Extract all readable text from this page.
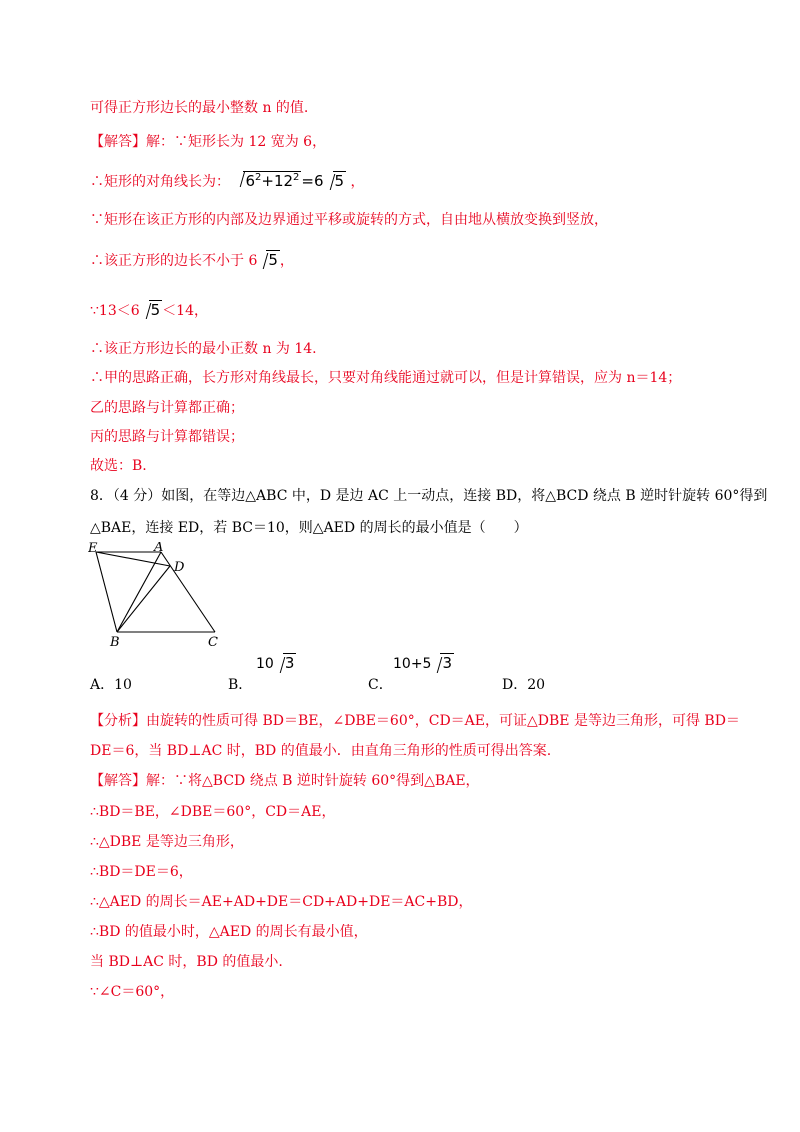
可得正方形边长的最小整数 n 的值.
【解答】解：∵矩形长为 12 宽为 6，
∴矩形的对角线长为： $6^2+12^2 =6$ 5 ，
∵矩形在该正方形的内部及边界通过平移或旋转的方式，自由地从横放变换到竖放，
∴该正方形的边长不小于 6 5 ，
∵13＜6 5 ＜14，
∴该正方形边长的最小正数 n 为 14.
∴甲的思路正确，长方形对角线最长，只要对角线能通过就可以，但是计算错误，应为 n＝14；
乙的思路与计算都正确；
丙的思路与计算都错误；
故选：B.
8．（4 分）如图，在等边△ABC 中，D 是边 AC 上一动点，连接 BD，将△BCD 绕点 B 逆时针旋转 60°得到
△BAE，连接 ED，若 BC＝10，则△AED 的周长的最小值是（　　）
E	A
D
B	C
A．10	B．
10 3
C．
10+5 3
D．20
【分析】由旋转的性质可得 BD＝BE，∠DBE＝60°，CD＝AE，可证△DBE 是等边三角形，可得 BD＝
DE＝6，当 BD⊥AC 时，BD 的值最小．由直角三角形的性质可得出答案.
【解答】解：∵将△BCD 绕点 B 逆时针旋转 60°得到△BAE，
∴BD＝BE，∠DBE＝60°，CD＝AE，
∴△DBE 是等边三角形，
∴BD＝DE＝6，
∴△AED 的周长＝AE+AD+DE＝CD+AD+DE＝AC+BD，
∴BD 的值最小时，△AED 的周长有最小值，
当 BD⊥AC 时，BD 的值最小.
∵∠C＝60°，
